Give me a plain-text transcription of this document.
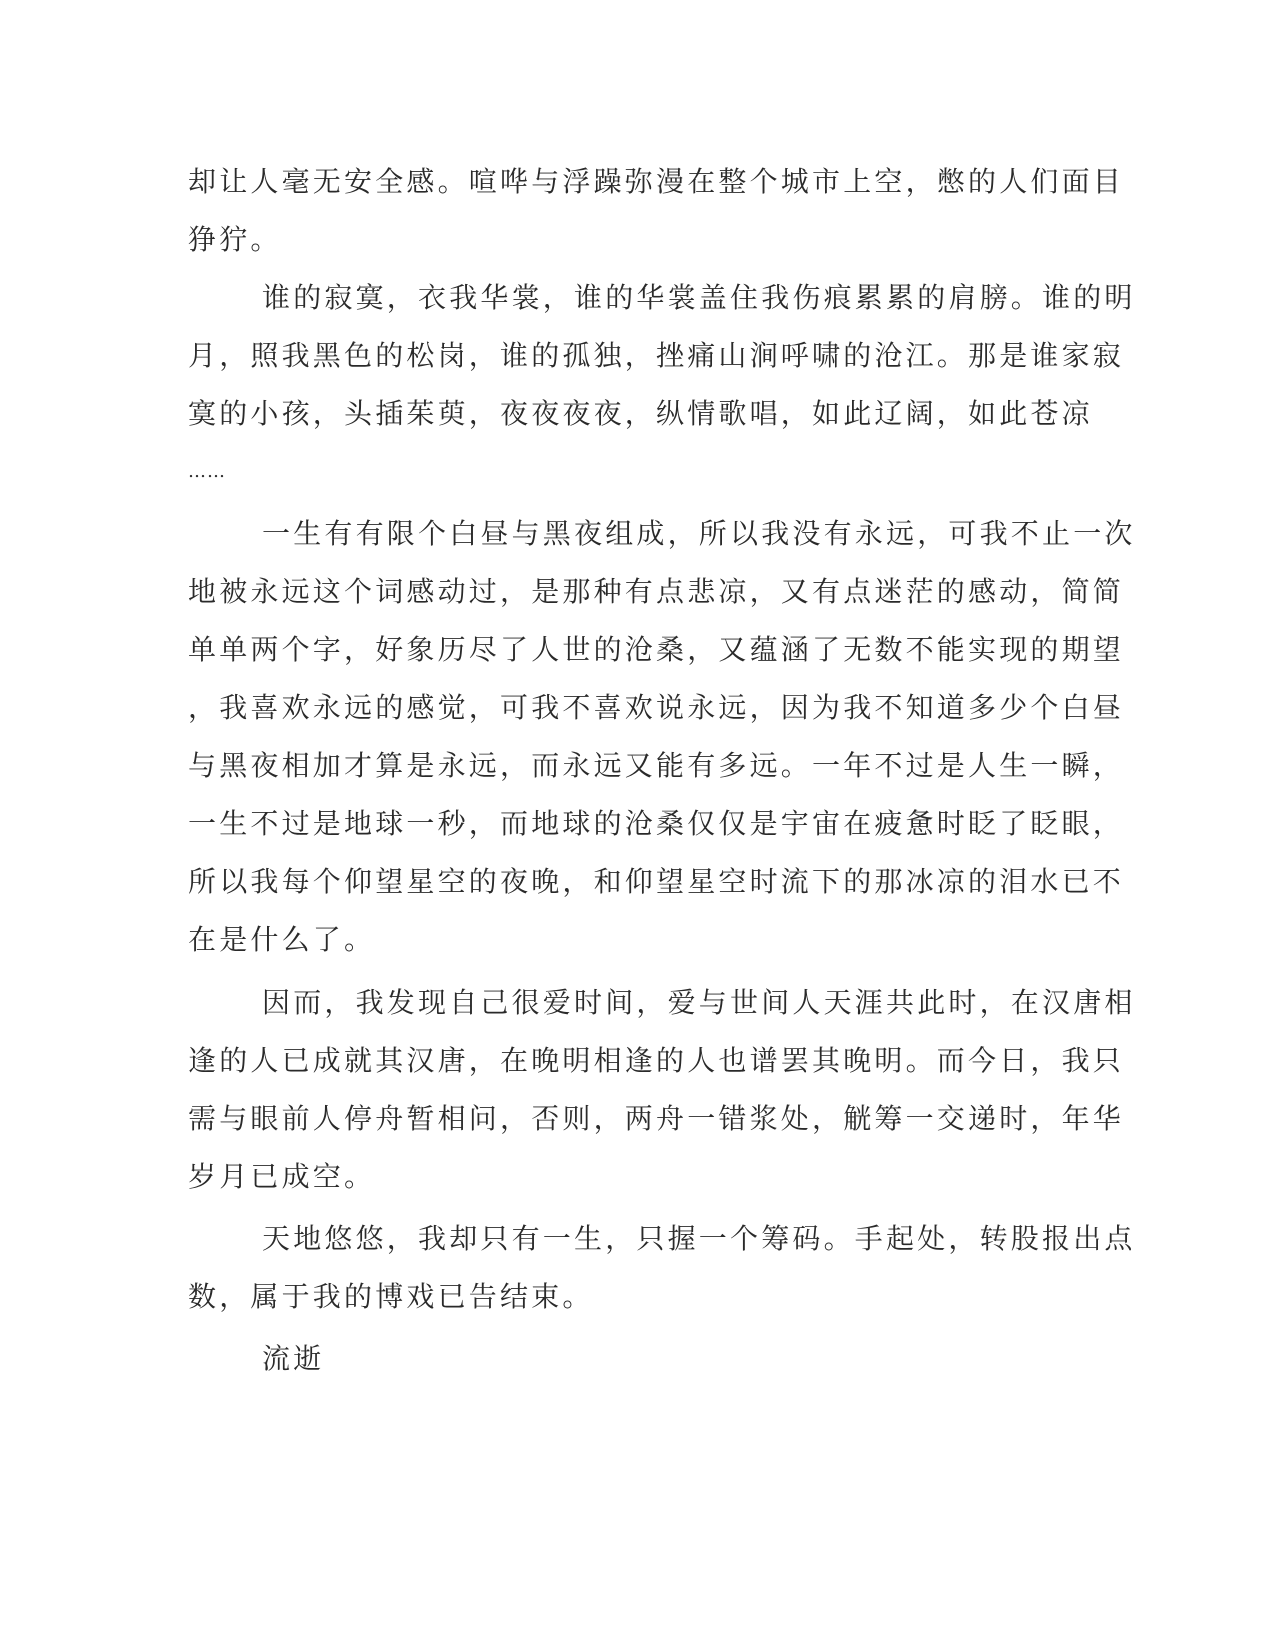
却让人毫无安全感。喧哗与浮躁弥漫在整个城市上空，憋的人们面目
狰狞。
谁的寂寞，衣我华裳，谁的华裳盖住我伤痕累累的肩膀。谁的明
月，照我黑色的松岗，谁的孤独，挫痛山涧呼啸的沧江。那是谁家寂
寞的小孩，头插茱萸，夜夜夜夜，纵情歌唱，如此辽阔，如此苍凉
……
一生有有限个白昼与黑夜组成，所以我没有永远，可我不止一次
地被永远这个词感动过，是那种有点悲凉，又有点迷茫的感动，简简
单单两个字，好象历尽了人世的沧桑，又蕴涵了无数不能实现的期望
，我喜欢永远的感觉，可我不喜欢说永远，因为我不知道多少个白昼
与黑夜相加才算是永远，而永远又能有多远。一年不过是人生一瞬，
一生不过是地球一秒，而地球的沧桑仅仅是宇宙在疲惫时眨了眨眼，
所以我每个仰望星空的夜晚，和仰望星空时流下的那冰凉的泪水已不
在是什么了。
因而，我发现自己很爱时间，爱与世间人天涯共此时，在汉唐相
逢的人已成就其汉唐，在晚明相逢的人也谱罢其晚明。而今日，我只
需与眼前人停舟暂相问，否则，两舟一错浆处，觥筹一交递时，年华
岁月已成空。
天地悠悠，我却只有一生，只握一个筹码。手起处，转股报出点
数，属于我的博戏已告结束。
流逝
